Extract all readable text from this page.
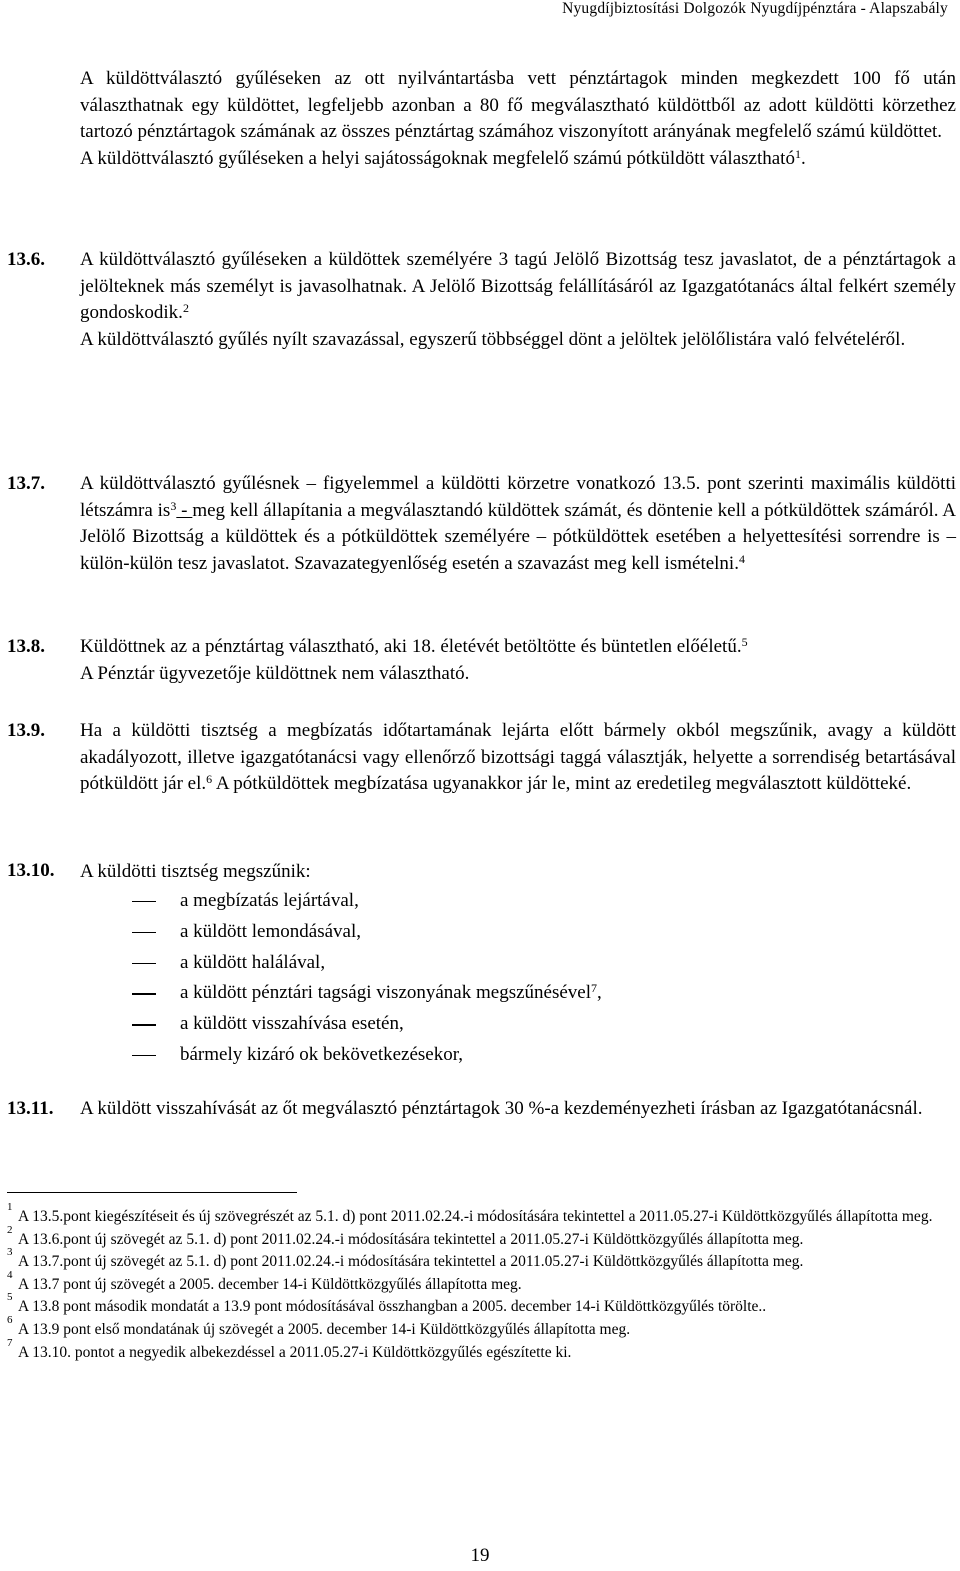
Nyugdíjbiztosítási Dolgozók Nyugdíjpénztára - Alapszabály

A küldöttválasztó gyűléseken az ott nyilvántartásba vett pénztártagok minden megkezdett 100 fő után választhatnak egy küldöttet, legfeljebb azonban a 80 fő megválasztható küldöttből az adott küldötti körzethez tartozó pénztártagok számának az összes pénztártag számához viszonyított arányának megfelelő számú küldöttet.

A küldöttválasztó gyűléseken a helyi sajátosságoknak megfelelő számú pótküldött választható$^1$.

13.6. A küldöttválasztó gyűléseken a küldöttek személyére 3 tagú Jelölő Bizottság tesz javaslatot, de a pénztártagok a jelölteknek más személyt is javasolhatnak. A Jelölő Bizottság felállításáról az Igazgatótanács által felkért személy gondoskodik.$^2$

A küldöttválasztó gyűlés nyílt szavazással, egyszerű többséggel dönt a jelöltek jelölőlistára való felvételéről.

13.7. A küldöttválasztó gyűlésnek – figyelemmel a küldötti körzetre vonatkozó 13.5. pont szerinti maximális küldötti létszámra $is^3$ - meg kell állapítania a megválasztandó küldöttek számát, és döntenie kell a pótküldöttek számáról. A Jelölő Bizottság a küldöttek és a pótküldöttek személyére – pótküldöttek esetében a helyettesítési sorrendre is – külön-külön tesz javaslatot. Szavazategyenlőség esetén a szavazást meg kell ismételni.$^4$

13.8. Küldöttnek az a pénztártag választható, aki 18. életévét betöltötte és büntetlen előéletű.$^5$

A Pénztár ügyvezetője küldöttnek nem választható.

13.9. Ha a küldötti tisztség a megbízatás időtartamának lejárta előtt bármely okból megszűnik, avagy a küldött akadályozott, illetve igazgatótanácsi vagy ellenőrző bizottsági taggá választják, helyette a sorrendiség betartásával pótküldött jár el.$^6$ A pótküldöttek megbízatása ugyanakkor jár le, mint az eredetileg megválasztott küldötteké.

13.10. A küldötti tisztség megszűnik:

a megbízatás lejártával,
a küldött lemondásával,
a küldött halálával,
a küldött pénztári tagsági viszonyának megszűnésével$^7$,
a küldött visszahívása esetén,
bármely kizáró ok bekövetkezésekor,
13.11. A küldött visszahívását az őt megválasztó pénztártagok 30 %-a kezdeményezheti írásban az Igazgatótanácsnál.

1
A 13.5.pont kiegészítéseit és új szövegrészét az 5.1. d) pont 2011.02.24.-i módosítására tekintettel a 2011.05.27-i Küldöttközgyűlés állapította meg.
2
A 13.6.pont új szövegét az 5.1. d) pont 2011.02.24.-i módosítására tekintettel a 2011.05.27-i Küldöttközgyűlés állapította meg.
3
A 13.7.pont új szövegét az 5.1. d) pont 2011.02.24.-i módosítására tekintettel a 2011.05.27-i Küldöttközgyűlés állapította meg.
4
A 13.7 pont új szövegét a 2005. december 14-i Küldöttközgyűlés állapította meg.
5
A 13.8 pont második mondatát a 13.9 pont módosításával összhangban a 2005. december 14-i Küldöttközgyűlés törölte..
6
A 13.9 pont első mondatának új szövegét a 2005. december 14-i Küldöttközgyűlés állapította meg.
7
A 13.10. pontot a negyedik albekezdéssel a 2011.05.27-i Küldöttközgyűlés egészítette ki.
19
